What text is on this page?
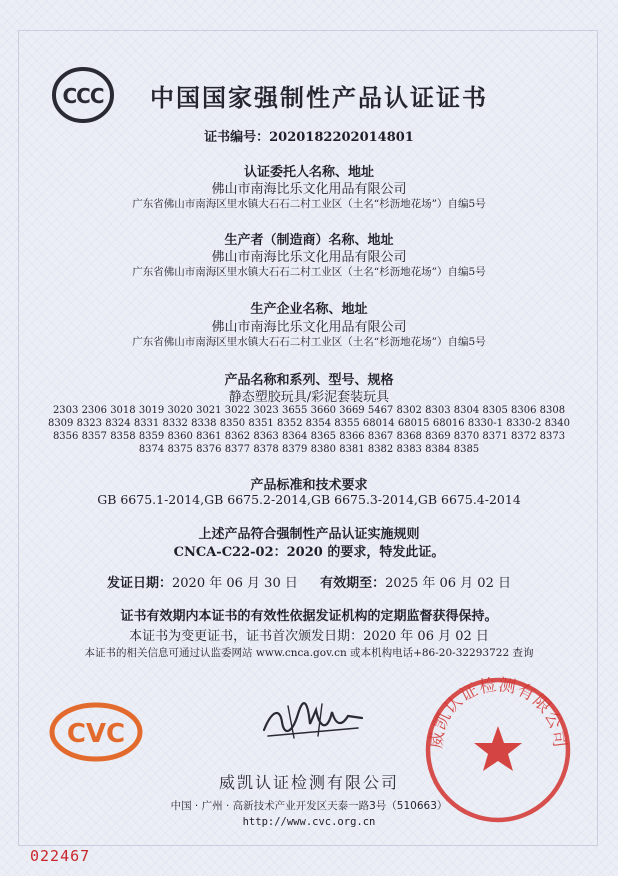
CCC 中国国家强制性产品认证证书
证书编号：2020182202014801
认证委托人名称、地址
佛山市南海比乐文化用品有限公司
广东省佛山市南海区里水镇大石石二村工业区（土名“杉沥地花场”）自编5号
生产者（制造商）名称、地址
佛山市南海比乐文化用品有限公司
广东省佛山市南海区里水镇大石石二村工业区（土名“杉沥地花场”）自编5号
生产企业名称、地址
佛山市南海比乐文化用品有限公司
广东省佛山市南海区里水镇大石石二村工业区（土名“杉沥地花场”）自编5号
产品名称和系列、型号、规格
静态塑胶玩具/彩泥套装玩具
2303 2306 3018 3019 3020 3021 3022 3023 3655 3660 3669 5467 8302 8303 8304 8305 8306 8308
8309 8323 8324 8331 8332 8338 8350 8351 8352 8354 8355 68014 68015 68016 8330-1 8330-2 8340
8356 8357 8358 8359 8360 8361 8362 8363 8364 8365 8366 8367 8368 8369 8370 8371 8372 8373
8374 8375 8376 8377 8378 8379 8380 8381 8382 8383 8384 8385
产品标准和技术要求
GB 6675.1-2014,GB 6675.2-2014,GB 6675.3-2014,GB 6675.4-2014
上述产品符合强制性产品认证实施规则
CNCA-C22-02：2020 的要求，特发此证。
发证日期：2020 年 06 月 30 日 有效期至：2025 年 06 月 02 日
证书有效期内本证书的有效性依据发证机构的定期监督获得保持。
本证书为变更证书，证书首次颁发日期：2020 年 06 月 02 日
本证书的相关信息可通过认监委网站 www.cnca.gov.cn 或本机构电话+86-20-32293722 查询
CVC	威凯认证检测有限公司
威凯认证检测有限公司
中国 · 广州 · 高新技术产业开发区天泰一路3号（510663）
http://www.cvc.org.cn
022467
